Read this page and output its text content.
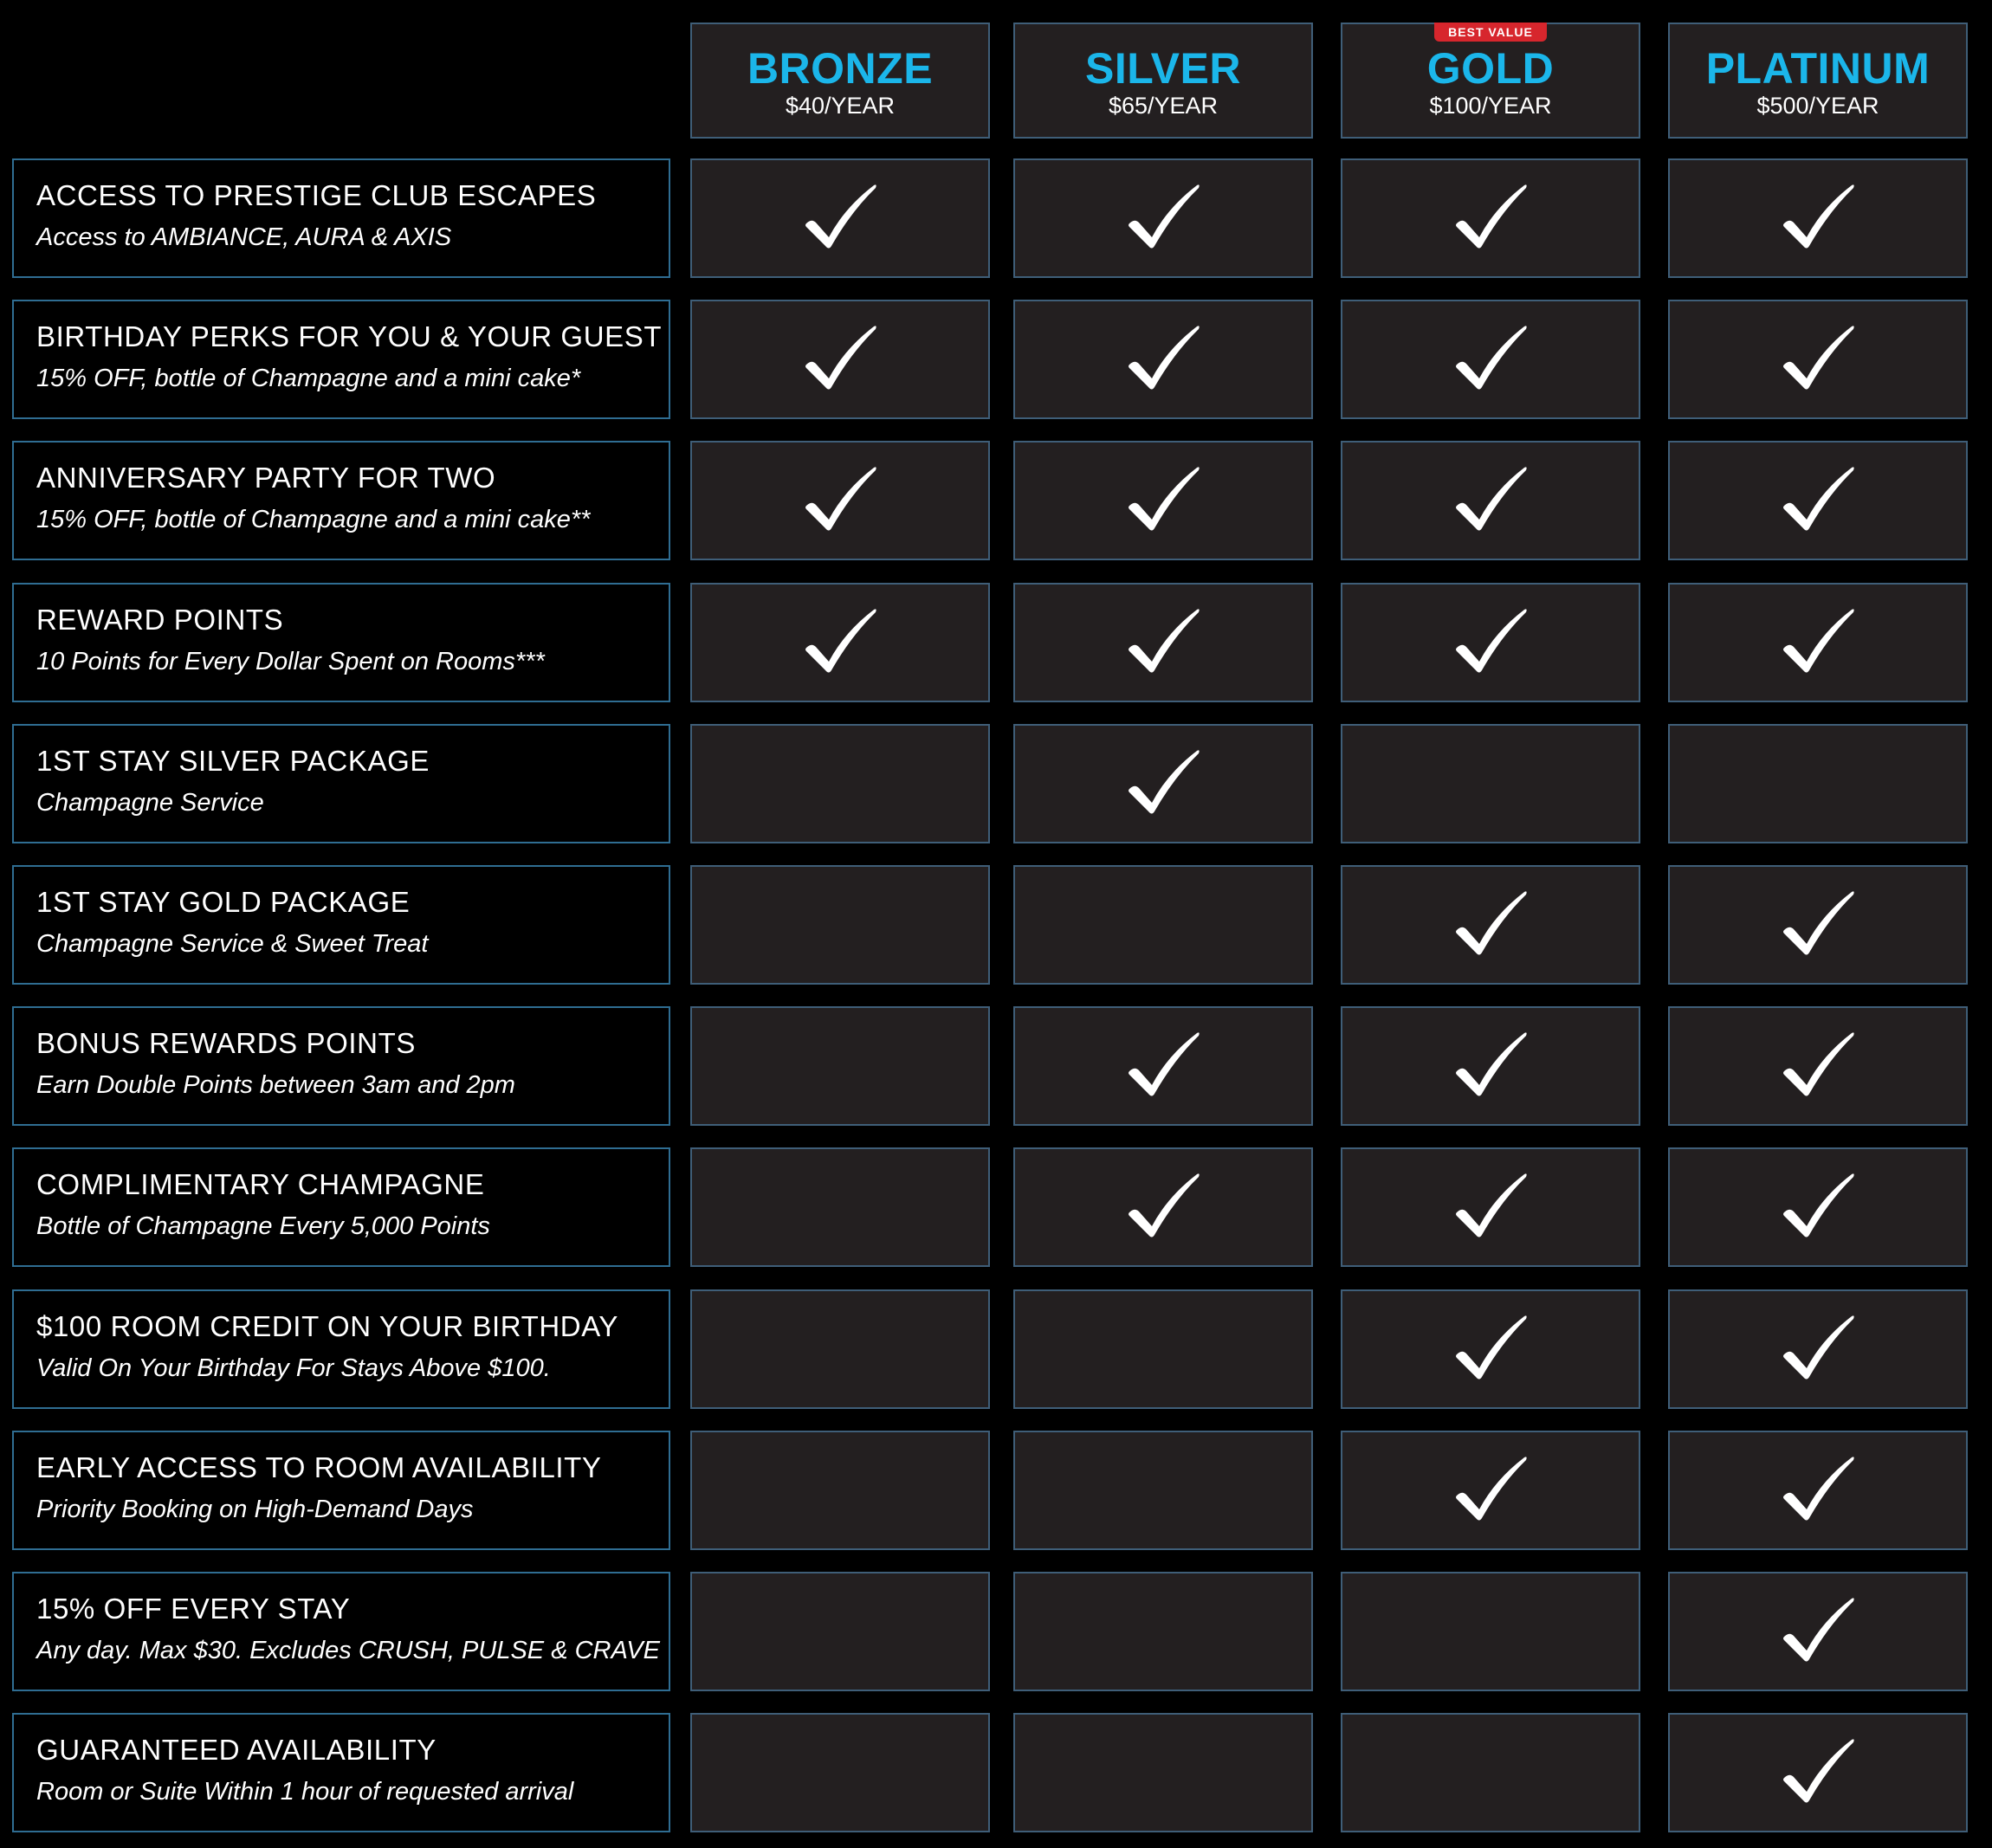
BRONZE
$40/YEAR
SILVER
$65/YEAR
BEST VALUE
GOLD
$100/YEAR
PLATINUM
$500/YEAR
ACCESS TO PRESTIGE CLUB ESCAPES
Access to AMBIANCE, AURA & AXIS
BIRTHDAY PERKS FOR YOU & YOUR GUEST
15% OFF, bottle of Champagne and a mini cake*
ANNIVERSARY PARTY FOR TWO
15% OFF, bottle of Champagne and a mini cake**
REWARD POINTS
10 Points for Every Dollar Spent on Rooms***
1ST STAY SILVER PACKAGE
Champagne Service
1ST STAY GOLD PACKAGE
Champagne Service & Sweet Treat
BONUS REWARDS POINTS
Earn Double Points between 3am and 2pm
COMPLIMENTARY CHAMPAGNE
Bottle of Champagne Every 5,000 Points
$100 ROOM CREDIT ON YOUR BIRTHDAY
Valid On Your Birthday For Stays Above $100.
EARLY ACCESS TO ROOM AVAILABILITY
Priority Booking on High-Demand Days
15% OFF EVERY STAY
Any day. Max $30. Excludes CRUSH, PULSE & CRAVE
GUARANTEED AVAILABILITY
Room or Suite Within 1 hour of requested arrival
